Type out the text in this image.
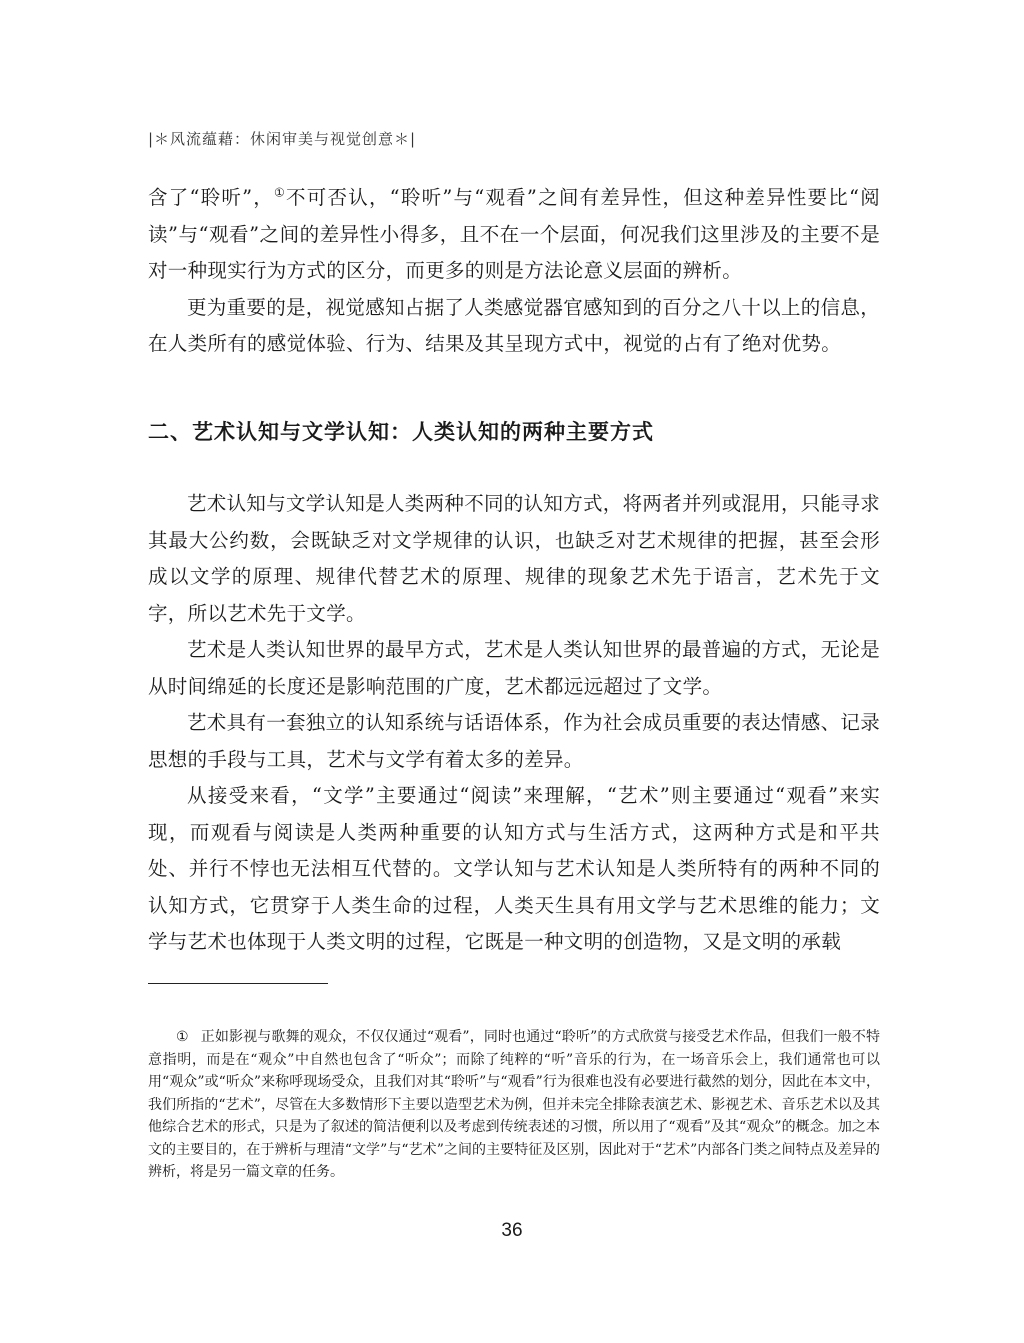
|＊风流蕴藉：休闲审美与视觉创意＊|

含了“聆听”，①不可否认，“聆听”与“观看”之间有差异性，但这种差异性要比“阅读”与“观看”之间的差异性小得多，且不在一个层面，何况我们这里涉及的主要不是对一种现实行为方式的区分，而更多的则是方法论意义层面的辨析。

更为重要的是，视觉感知占据了人类感觉器官感知到的百分之八十以上的信息，在人类所有的感觉体验、行为、结果及其呈现方式中，视觉的占有了绝对优势。

二、艺术认知与文学认知：人类认知的两种主要方式

艺术认知与文学认知是人类两种不同的认知方式，将两者并列或混用，只能寻求其最大公约数，会既缺乏对文学规律的认识，也缺乏对艺术规律的把握，甚至会形成以文学的原理、规律代替艺术的原理、规律的现象艺术先于语言，艺术先于文字，所以艺术先于文学。

艺术是人类认知世界的最早方式，艺术是人类认知世界的最普遍的方式，无论是从时间绵延的长度还是影响范围的广度，艺术都远远超过了文学。

艺术具有一套独立的认知系统与话语体系，作为社会成员重要的表达情感、记录思想的手段与工具，艺术与文学有着太多的差异。

从接受来看，“文学”主要通过“阅读”来理解，“艺术”则主要通过“观看”来实现，而观看与阅读是人类两种重要的认知方式与生活方式，这两种方式是和平共处、并行不悖也无法相互代替的。文学认知与艺术认知是人类所特有的两种不同的认知方式，它贯穿于人类生命的过程，人类天生具有用文学与艺术思维的能力；文学与艺术也体现于人类文明的过程，它既是一种文明的创造物，又是文明的承载

① 正如影视与歌舞的观众，不仅仅通过“观看”，同时也通过“聆听”的方式欣赏与接受艺术作品，但我们一般不特意指明，而是在“观众”中自然也包含了“听众”；而除了纯粹的“听”音乐的行为，在一场音乐会上，我们通常也可以用“观众”或“听众”来称呼现场受众，且我们对其“聆听”与“观看”行为很难也没有必要进行截然的划分，因此在本文中，我们所指的“艺术”，尽管在大多数情形下主要以造型艺术为例，但并未完全排除表演艺术、影视艺术、音乐艺术以及其他综合艺术的形式，只是为了叙述的简洁便利以及考虑到传统表述的习惯，所以用了“观看”及其“观众”的概念。加之本文的主要目的，在于辨析与理清“文学”与“艺术”之间的主要特征及区别，因此对于“艺术”内部各门类之间特点及差异的辨析，将是另一篇文章的任务。

36
